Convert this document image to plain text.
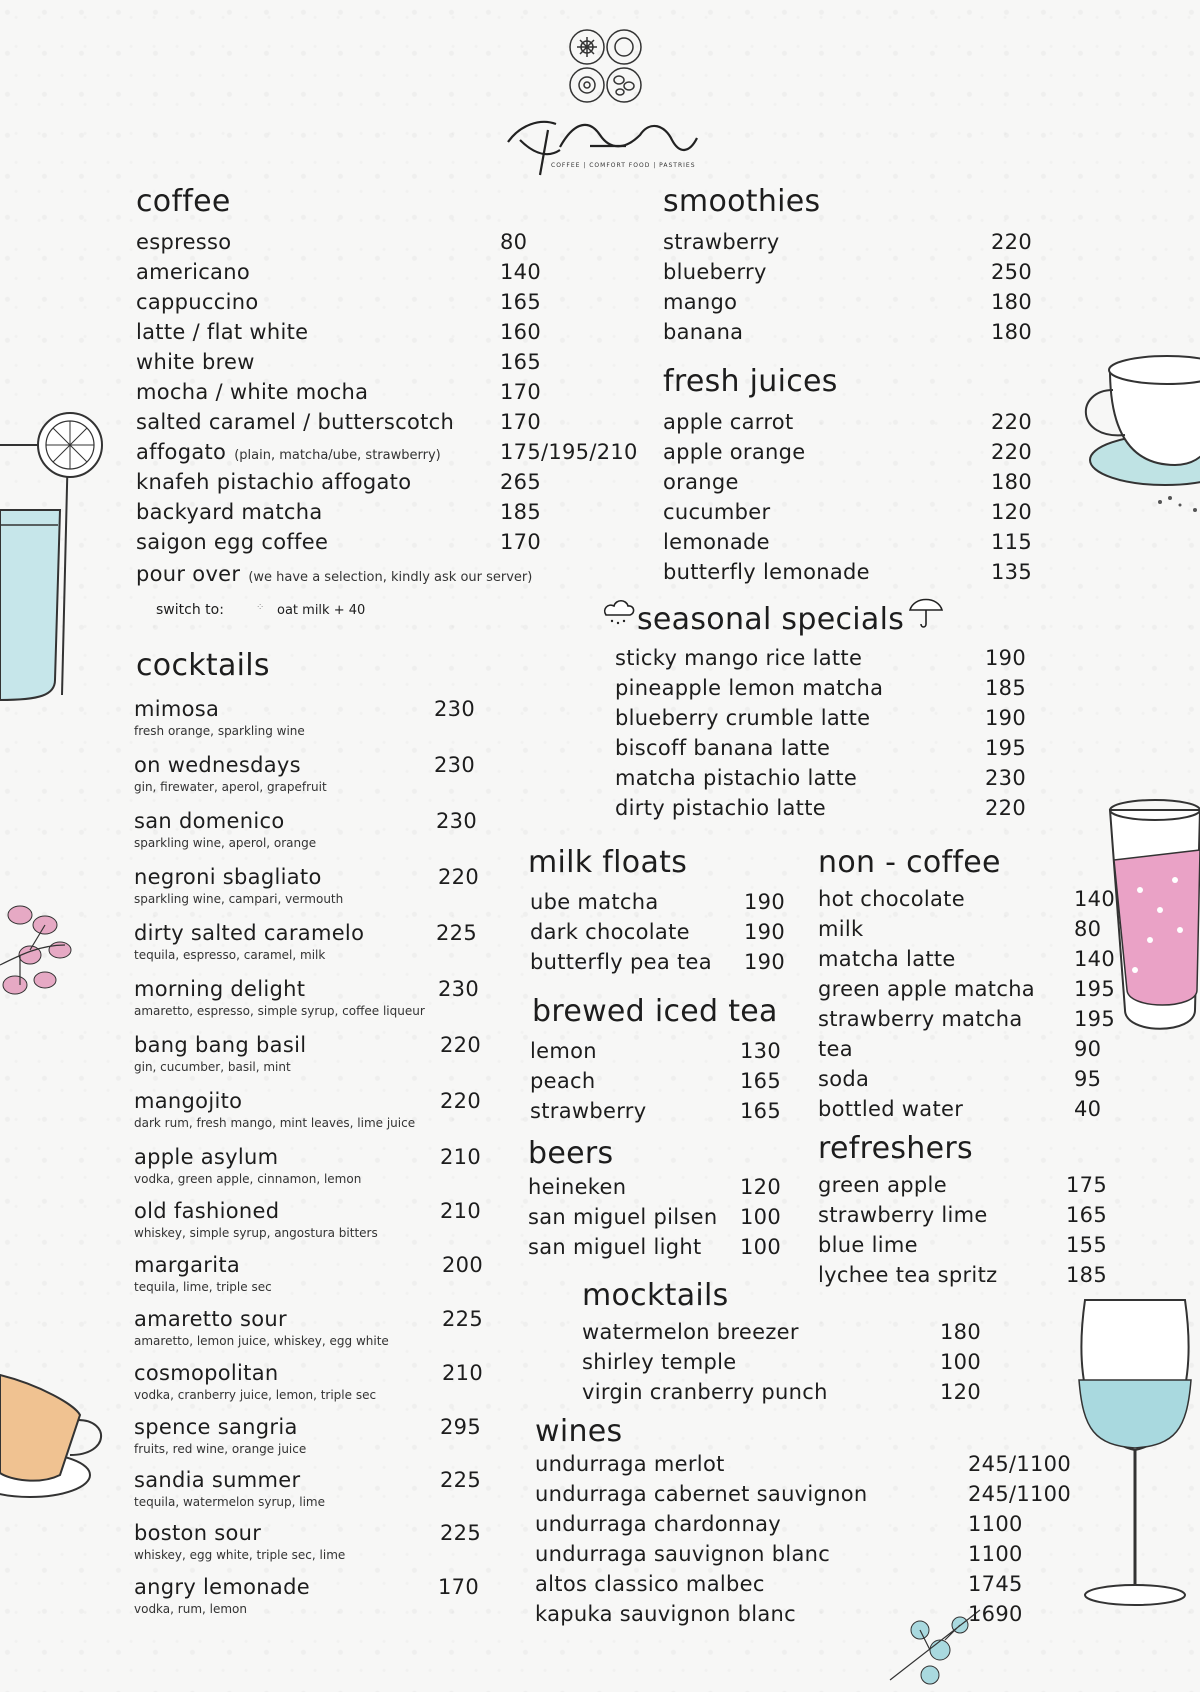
COFFEE | COMFORT FOOD | PASTRIES
coffee
espresso	80
americano	140
cappuccino	165
latte / flat white	160
white brew	165
mocha / white mocha	170
salted caramel / butterscotch 170
affogato (plain, matcha/ube, strawberry)	175/195/210
knafeh pistachio affogato	265
backyard matcha	185
saigon egg coffee	170
pour over (we have a selection, kindly ask our server)
switch to:	⁘ oat milk + 40
smoothies
strawberry	220
blueberry	250
mango	180
banana	180
fresh juices
apple carrot	220
apple orange	220
orange	180
cucumber	120
lemonade	115
butterfly lemonade	135
seasonal specials
sticky mango rice latte	190
pineapple lemon matcha	185
blueberry crumble latte	190
biscoff banana latte	195
matcha pistachio latte	230
dirty pistachio latte	220
cocktails
mimosa	230
fresh orange, sparkling wine
on wednesdays	230
gin, firewater, aperol, grapefruit
san domenico	230
sparkling wine, aperol, orange
negroni sbagliato	220
sparkling wine, campari, vermouth
dirty salted caramelo	225
tequila, espresso, caramel, milk
morning delight	230
amaretto, espresso, simple syrup, coffee liqueur
bang bang basil	220
gin, cucumber, basil, mint
mangojito	220
dark rum, fresh mango, mint leaves, lime juice
apple asylum	210
vodka, green apple, cinnamon, lemon
old fashioned	210
whiskey, simple syrup, angostura bitters
margarita	200
tequila, lime, triple sec
amaretto sour	225
amaretto, lemon juice, whiskey, egg white
cosmopolitan	210
vodka, cranberry juice, lemon, triple sec
spence sangria	295
fruits, red wine, orange juice
sandia summer	225
tequila, watermelon syrup, lime
boston sour	225
whiskey, egg white, triple sec, lime
angry lemonade	170
vodka, rum, lemon
milk floats
ube matcha	190
dark chocolate	190
butterfly pea tea 190
brewed iced tea
lemon	130
peach	165
strawberry	165
beers
heineken	120
san miguel pilsen 100
san miguel light 100
non - coffee
hot chocolate	140
milk	80
matcha latte	140
green apple matcha 195
strawberry matcha 195
tea	90
soda	95
bottled water	40
refreshers
green apple	175
strawberry lime	165
blue lime	155
lychee tea spritz	185
mocktails
watermelon breezer	180
shirley temple	100
virgin cranberry punch	120
wines
undurraga merlot	245/1100
undurraga cabernet sauvignon	245/1100
undurraga chardonnay	1100
undurraga sauvignon blanc	1100
altos classico malbec	1745
kapuka sauvignon blanc	1690
